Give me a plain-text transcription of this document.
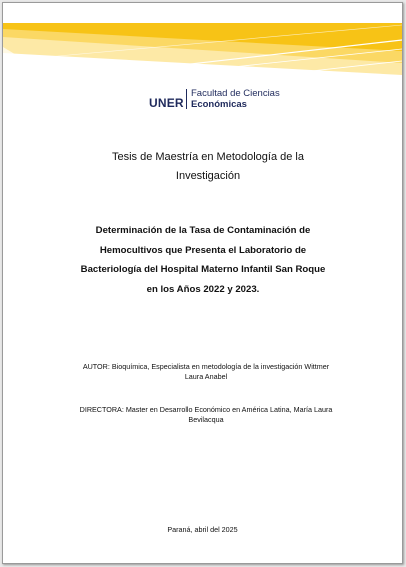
UNER
Facultad de Ciencias
Económicas
Tesis de Maestría en Metodología de la
Investigación
Determinación de la Tasa de Contaminación de
Hemocultivos que Presenta el Laboratorio de
Bacteriología del Hospital Materno Infantil San Roque
en los Años 2022 y 2023.
AUTOR: Bioquímica, Especialista en metodología de la investigación Wittmer
Laura Anabel
DIRECTORA: Master en Desarrollo Económico en América Latina, María Laura
Bevilacqua
Paraná, abril del 2025
